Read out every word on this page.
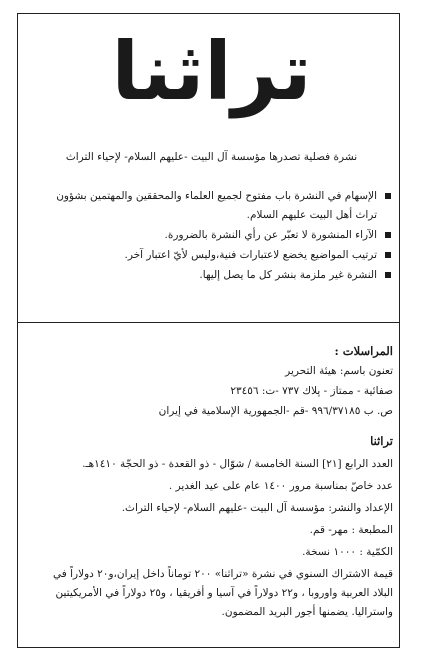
تراثنا
نشرة فصلية تصدرها مؤسسة آل البيت -عليهم السلام- لإحياء التراث
الإسهام في النشرة باب مفتوح لجميع العلماء والمحققين والمهتمين بشؤون تراث أهل البيت عليهم السلام.
الآراء المنشورة لا تعبّر عن رأي النشرة بالضرورة.
ترتيب المواضيع يخضع لاعتبارات فنية،وليس لأيّ اعتبار آخر.
النشرة غير ملزمة بنشر كل ما يصل إليها.
المراسلات :
تعنون باسم: هيئة التحرير
صفائية - ممتاز - پلاك ۷۳۷ -ت: ٢٣٤٥٦
ص. ب ٩٩٦/٣٧١٨٥ -قم -الجمهورية الإسلامية في إيران
تراثنا
العدد الرابع [٢١] السنة الخامسة / شوّال - ذو القعدة - ذو الحجّة ١٤١٠هـ.
عدد خاصّ بمناسبة مرور ١٤٠٠ عام على عيد الغدير .
الإعداد والنشر: مؤسسة آل البيت -عليهم السلام- لإحياء التراث.
المطبعة : مهر- قم.
الكمّية : ١٠٠٠ نسخة.
قيمة الاشتراك السنوي في نشرة «تراثنا» ٢٠٠ توماناً داخل إيران،و٢٠ دولاراً في البلاد العربية واوروبا ، و٢٢ دولاراً في آسيا و أفريقيا ، و٢٥ دولاراً في الأمريكيتين واستراليا. يضمنها أجور البريد المضمون.
